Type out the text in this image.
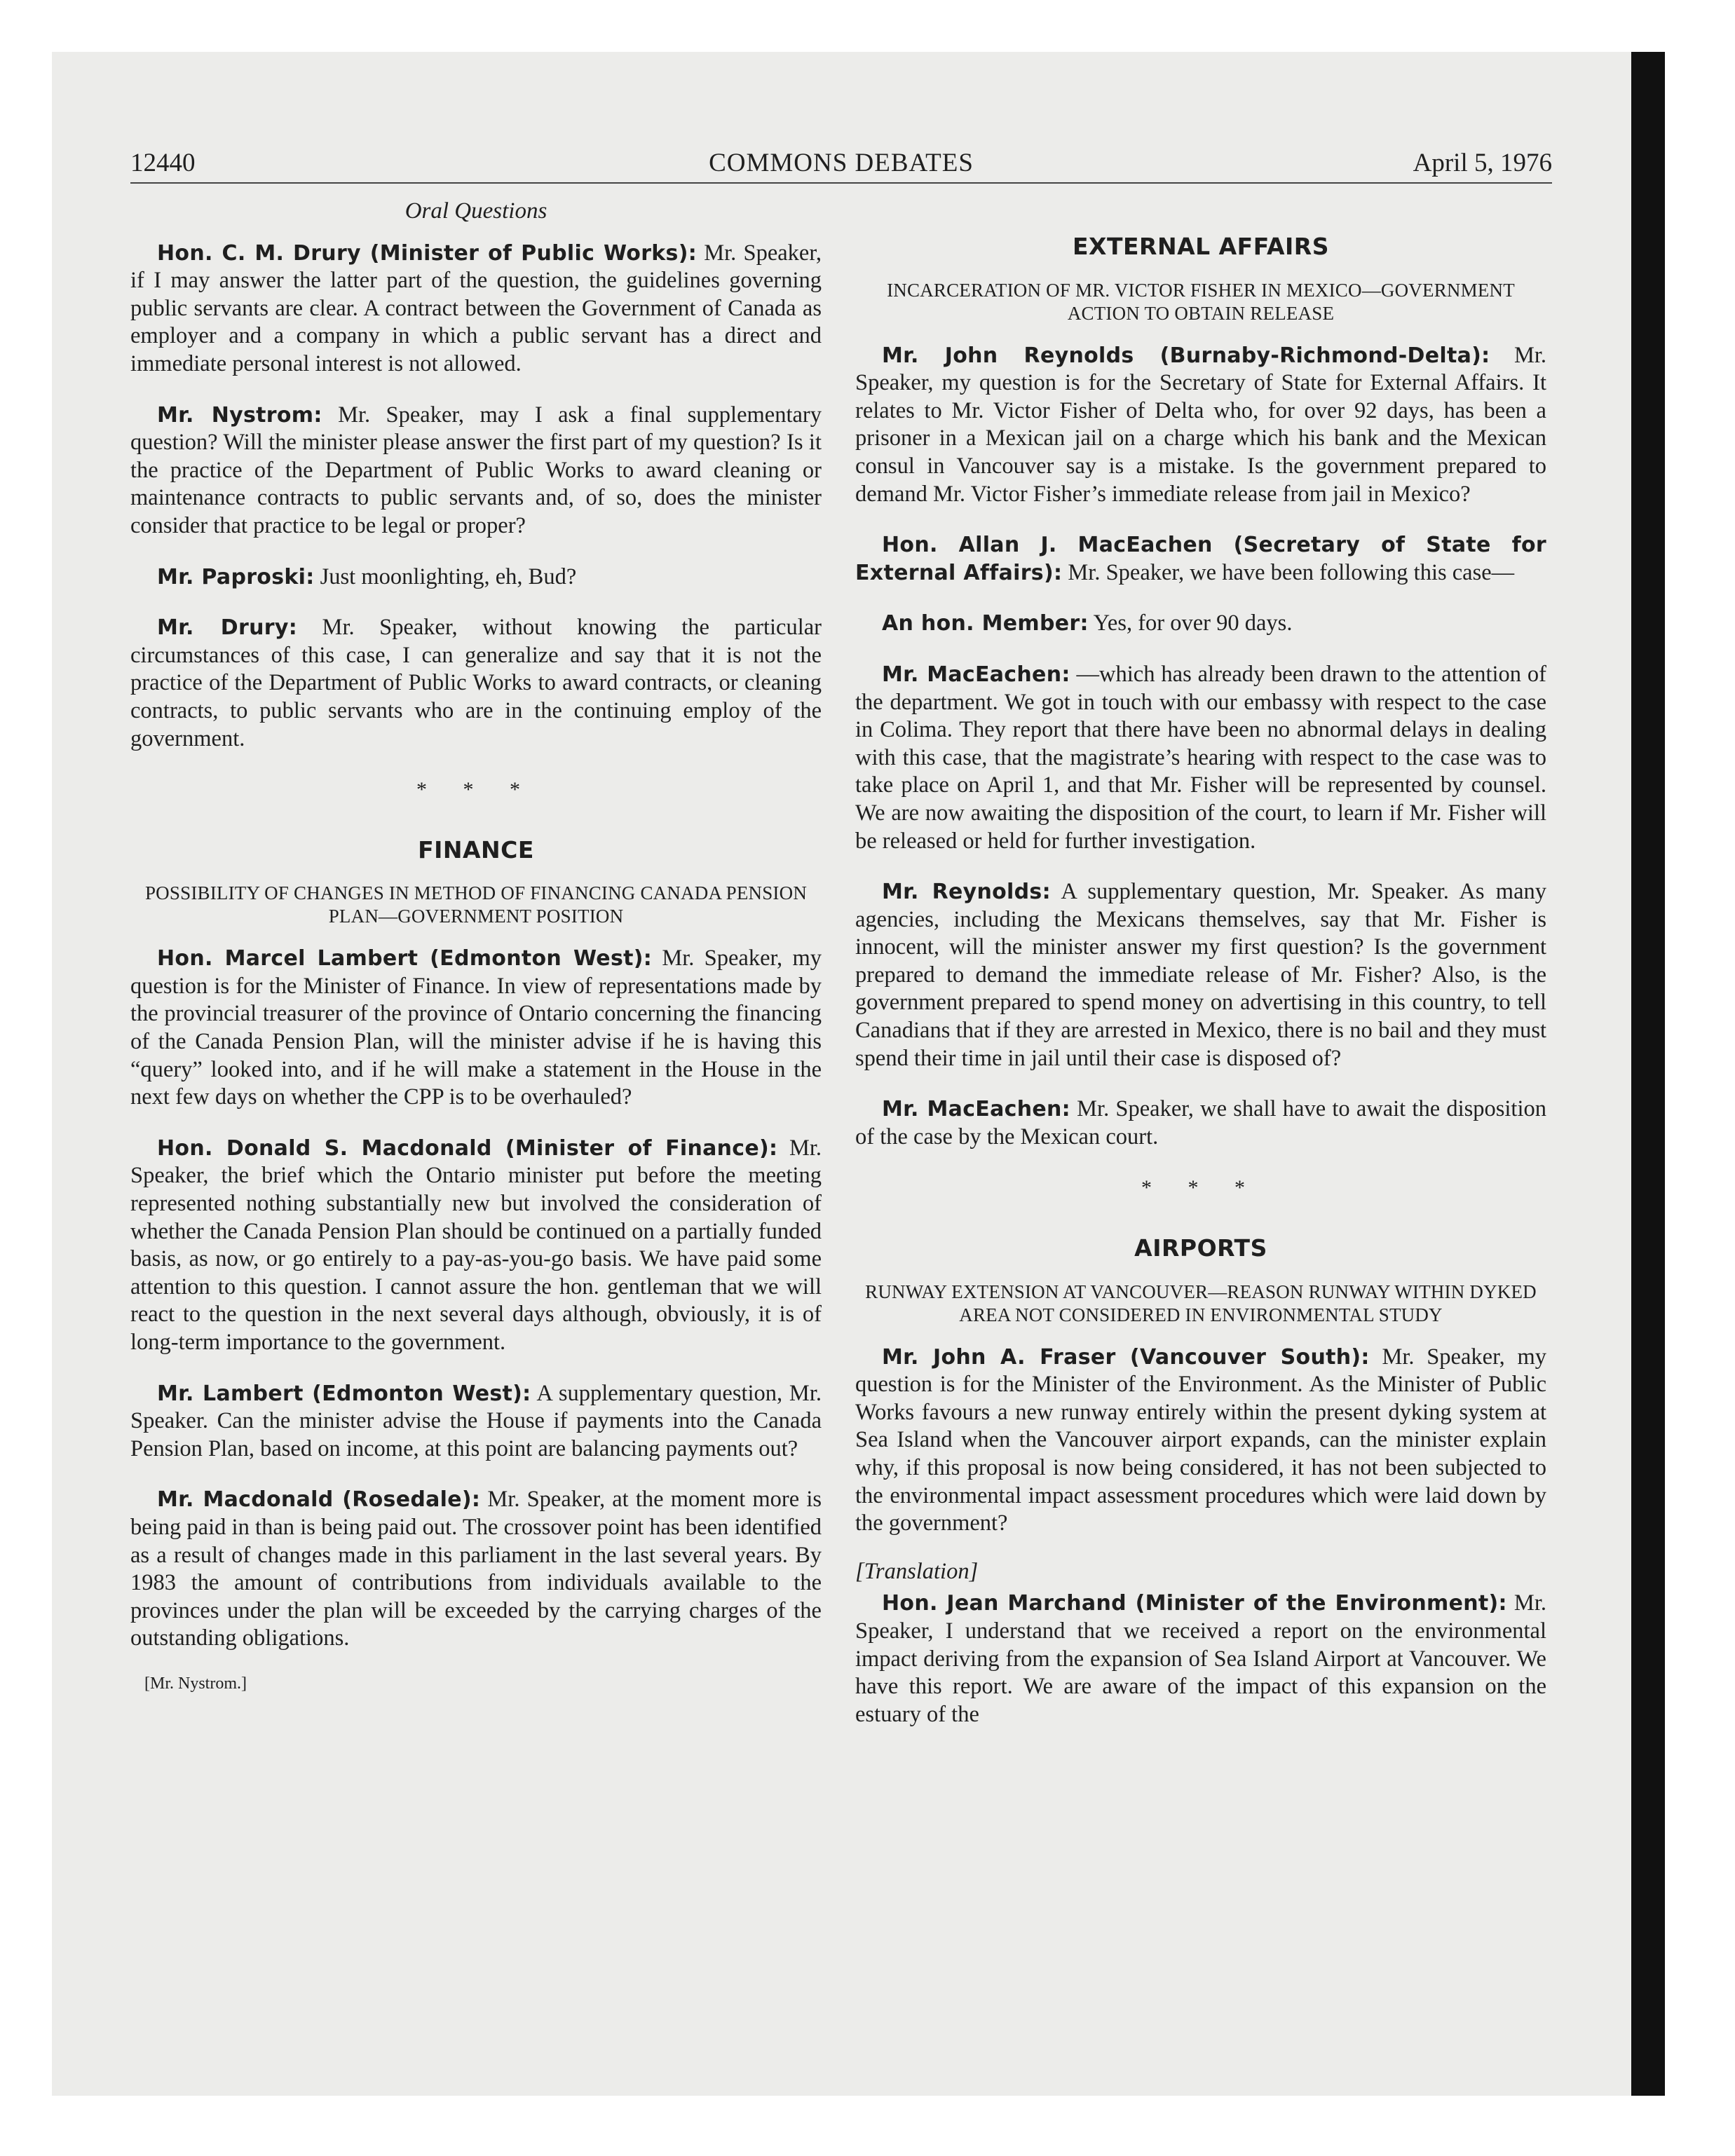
12440	COMMONS DEBATES	April 5, 1976
Oral Questions

Hon. C. M. Drury (Minister of Public Works): Mr. Speaker, if I may answer the latter part of the question, the guidelines governing public servants are clear. A contract between the Government of Canada as employer and a company in which a public servant has a direct and immediate personal interest is not allowed.

Mr. Nystrom: Mr. Speaker, may I ask a final supplementary question? Will the minister please answer the first part of my question? Is it the practice of the Department of Public Works to award cleaning or maintenance contracts to public servants and, of so, does the minister consider that practice to be legal or proper?

Mr. Paproski: Just moonlighting, eh, Bud?

Mr. Drury: Mr. Speaker, without knowing the particular circumstances of this case, I can generalize and say that it is not the practice of the Department of Public Works to award contracts, or cleaning contracts, to public servants who are in the continuing employ of the government.

* * *
FINANCE
POSSIBILITY OF CHANGES IN METHOD OF FINANCING CANADA PENSION PLAN—GOVERNMENT POSITION

Hon. Marcel Lambert (Edmonton West): Mr. Speaker, my question is for the Minister of Finance. In view of representations made by the provincial treasurer of the province of Ontario concerning the financing of the Canada Pension Plan, will the minister advise if he is having this “query” looked into, and if he will make a statement in the House in the next few days on whether the CPP is to be overhauled?

Hon. Donald S. Macdonald (Minister of Finance): Mr. Speaker, the brief which the Ontario minister put before the meeting represented nothing substantially new but involved the consideration of whether the Canada Pension Plan should be continued on a partially funded basis, as now, or go entirely to a pay-as-you-go basis. We have paid some attention to this question. I cannot assure the hon. gentleman that we will react to the question in the next several days although, obviously, it is of long-term importance to the government.

Mr. Lambert (Edmonton West): A supplementary question, Mr. Speaker. Can the minister advise the House if payments into the Canada Pension Plan, based on income, at this point are balancing payments out?

Mr. Macdonald (Rosedale): Mr. Speaker, at the moment more is being paid in than is being paid out. The crossover point has been identified as a result of changes made in this parliament in the last several years. By 1983 the amount of contributions from individuals available to the provinces under the plan will be exceeded by the carrying charges of the outstanding obligations.

[Mr. Nystrom.]
EXTERNAL AFFAIRS
INCARCERATION OF MR. VICTOR FISHER IN MEXICO—GOVERNMENT ACTION TO OBTAIN RELEASE

Mr. John Reynolds (Burnaby-Richmond-Delta): Mr. Speaker, my question is for the Secretary of State for External Affairs. It relates to Mr. Victor Fisher of Delta who, for over 92 days, has been a prisoner in a Mexican jail on a charge which his bank and the Mexican consul in Vancouver say is a mistake. Is the government prepared to demand Mr. Victor Fisher’s immediate release from jail in Mexico?

Hon. Allan J. MacEachen (Secretary of State for External Affairs): Mr. Speaker, we have been following this case—

An hon. Member: Yes, for over 90 days.

Mr. MacEachen: —which has already been drawn to the attention of the department. We got in touch with our embassy with respect to the case in Colima. They report that there have been no abnormal delays in dealing with this case, that the magistrate’s hearing with respect to the case was to take place on April 1, and that Mr. Fisher will be represented by counsel. We are now awaiting the disposition of the court, to learn if Mr. Fisher will be released or held for further investigation.

Mr. Reynolds: A supplementary question, Mr. Speaker. As many agencies, including the Mexicans themselves, say that Mr. Fisher is innocent, will the minister answer my first question? Is the government prepared to demand the immediate release of Mr. Fisher? Also, is the government prepared to spend money on advertising in this country, to tell Canadians that if they are arrested in Mexico, there is no bail and they must spend their time in jail until their case is disposed of?

Mr. MacEachen: Mr. Speaker, we shall have to await the disposition of the case by the Mexican court.

* * *
AIRPORTS
RUNWAY EXTENSION AT VANCOUVER—REASON RUNWAY WITHIN DYKED AREA NOT CONSIDERED IN ENVIRONMENTAL STUDY

Mr. John A. Fraser (Vancouver South): Mr. Speaker, my question is for the Minister of the Environment. As the Minister of Public Works favours a new runway entirely within the present dyking system at Sea Island when the Vancouver airport expands, can the minister explain why, if this proposal is now being considered, it has not been subjected to the environmental impact assessment procedures which were laid down by the government?

[Translation]

Hon. Jean Marchand (Minister of the Environment): Mr. Speaker, I understand that we received a report on the environmental impact deriving from the expansion of Sea Island Airport at Vancouver. We have this report. We are aware of the impact of this expansion on the estuary of the
